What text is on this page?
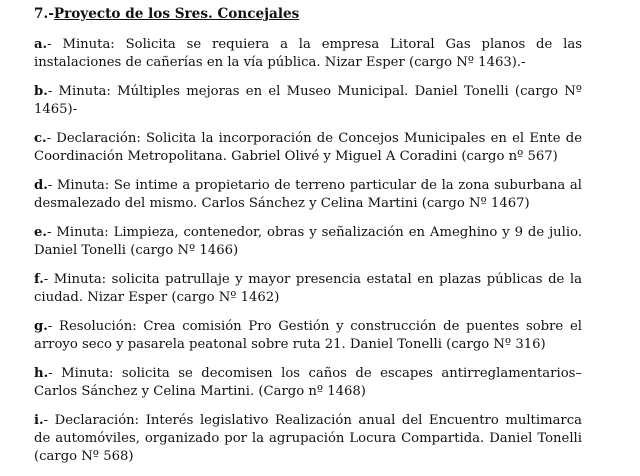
7.-Proyecto de los Sres. Concejales

a.- Minuta: Solicita se requiera a la empresa Litoral Gas planos de las instalaciones de cañerías en la vía pública. Nizar Esper (cargo Nº 1463).-

b.- Minuta: Múltiples mejoras en el Museo Municipal. Daniel Tonelli (cargo Nº 1465)-

c.- Declaración: Solicita la incorporación de Concejos Municipales en el Ente de Coordinación Metropolitana. Gabriel Olivé y Miguel A Coradini (cargo nº 567)

d.- Minuta: Se intime a propietario de terreno particular de la zona suburbana al desmalezado del mismo. Carlos Sánchez y Celina Martini (cargo Nº 1467)

e.- Minuta: Limpieza, contenedor, obras y señalización en Ameghino y 9 de julio. Daniel Tonelli (cargo Nº 1466)

f.- Minuta: solicita patrullaje y mayor presencia estatal en plazas públicas de la ciudad. Nizar Esper (cargo Nº 1462)

g.- Resolución: Crea comisión Pro Gestión y construcción de puentes sobre el arroyo seco y pasarela peatonal sobre ruta 21. Daniel Tonelli (cargo Nº 316)

h.- Minuta: solicita se decomisen los caños de escapes antirreglamentarios– Carlos Sánchez y Celina Martini. (Cargo nº 1468)

i.- Declaración: Interés legislativo Realización anual del Encuentro multimarca de automóviles, organizado por la agrupación Locura Compartida. Daniel Tonelli (cargo Nº 568)
